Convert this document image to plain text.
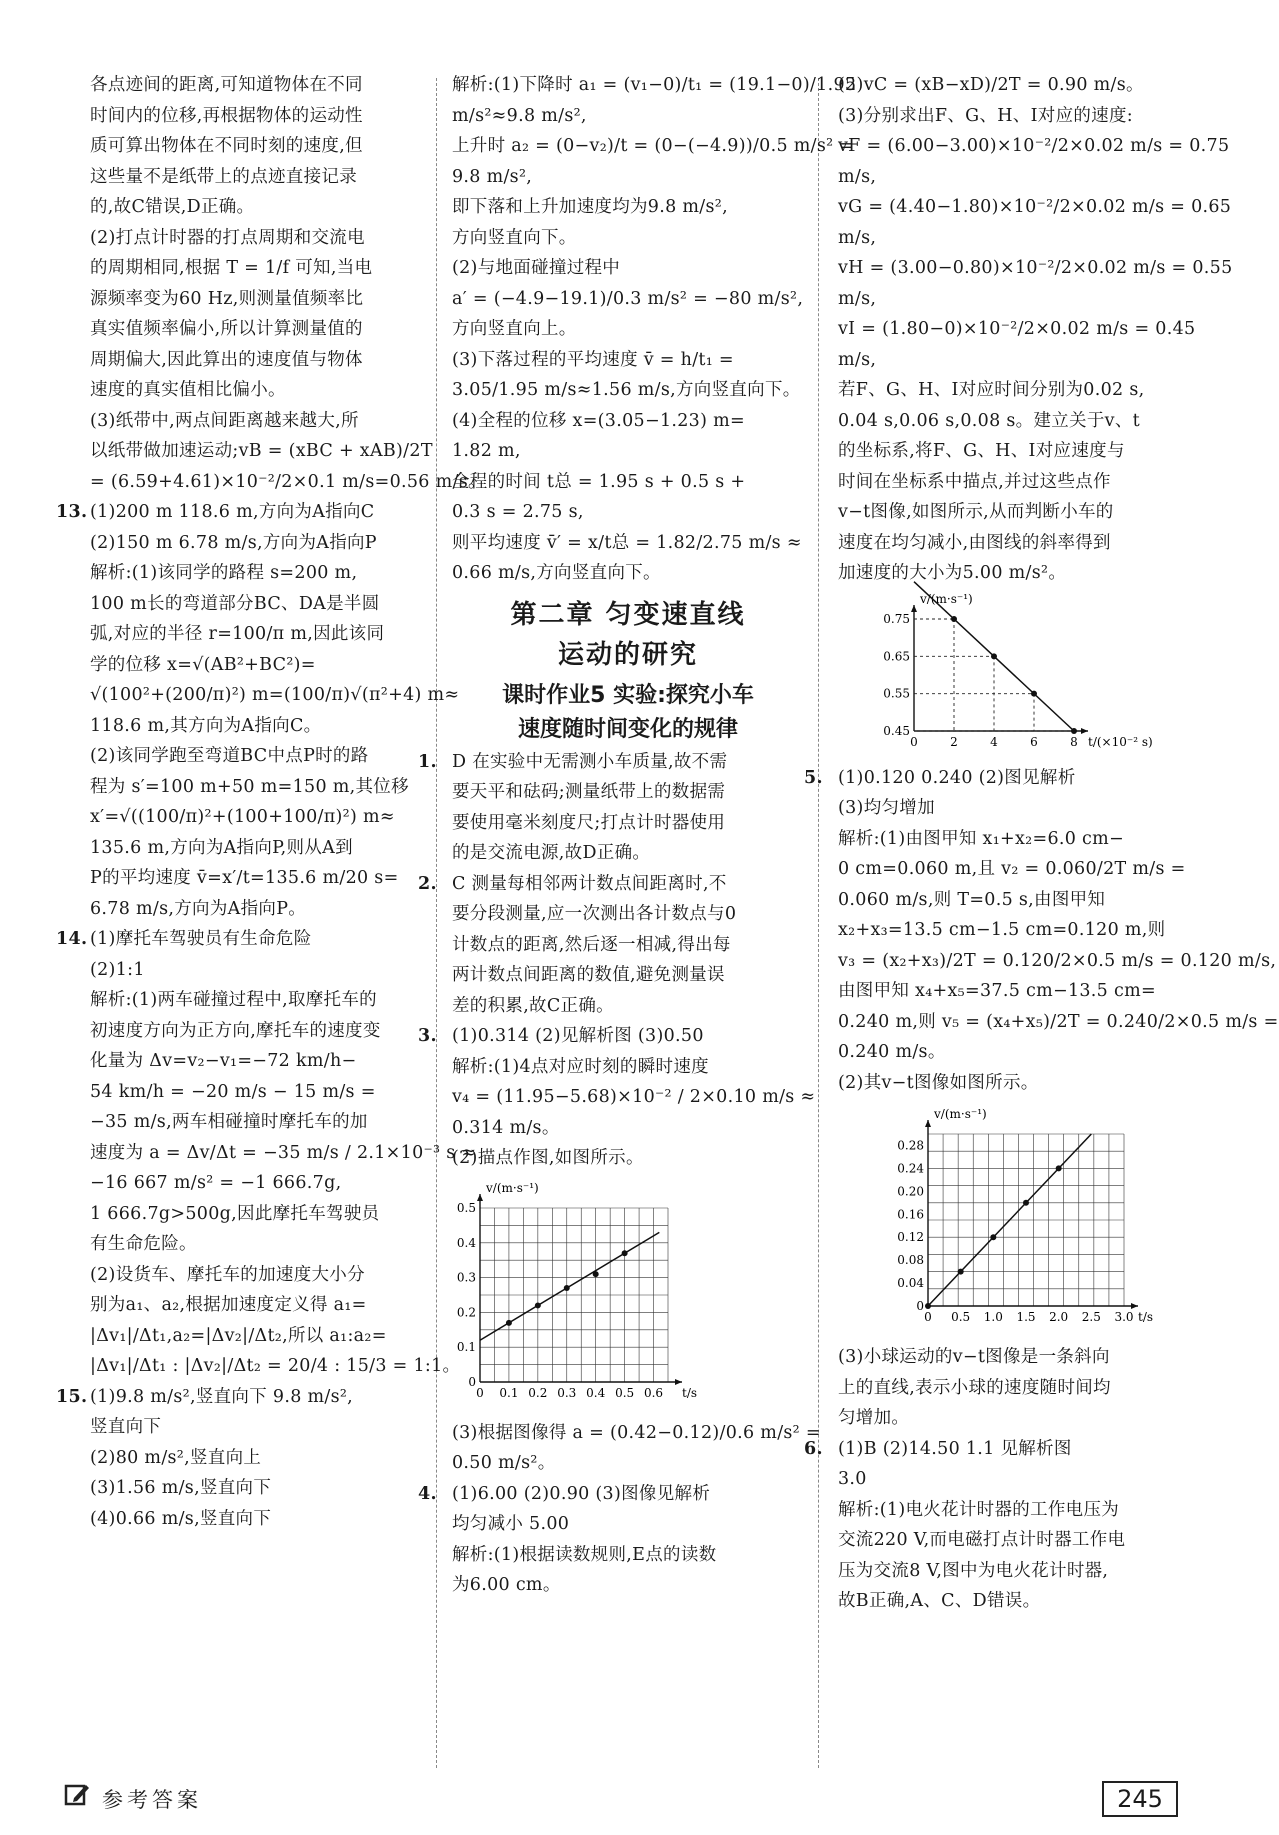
各点迹间的距离,可知道物体在不同
时间内的位移,再根据物体的运动性
质可算出物体在不同时刻的速度,但
这些量不是纸带上的点迹直接记录
的,故C错误,D正确。
(2)打点计时器的打点周期和交流电
的周期相同,根据 T = 1/f 可知,当电
源频率变为60 Hz,则测量值频率比
真实值频率偏小,所以计算测量值的
周期偏大,因此算出的速度值与物体
速度的真实值相比偏小。
(3)纸带中,两点间距离越来越大,所
以纸带做加速运动;vB = (xBC + xAB)/2T
= (6.59+4.61)×10⁻²/2×0.1 m/s=0.56 m/s。
13. (1)200 m 118.6 m,方向为A指向C
(2)150 m 6.78 m/s,方向为A指向P
解析:(1)该同学的路程 s=200 m,
100 m长的弯道部分BC、DA是半圆
弧,对应的半径 r=100/π m,因此该同
学的位移 x=√(AB²+BC²)=
√(100²+(200/π)²) m=(100/π)√(π²+4) m≈
118.6 m,其方向为A指向C。
(2)该同学跑至弯道BC中点P时的路
程为 s′=100 m+50 m=150 m,其位移
x′=√((100/π)²+(100+100/π)²) m≈
135.6 m,方向为A指向P,则从A到
P的平均速度 v̄=x′/t=135.6 m/20 s=
6.78 m/s,方向为A指向P。
14. (1)摩托车驾驶员有生命危险
(2)1:1
解析:(1)两车碰撞过程中,取摩托车的
初速度方向为正方向,摩托车的速度变
化量为 Δv=v₂−v₁=−72 km/h−
54 km/h = −20 m/s − 15 m/s =
−35 m/s,两车相碰撞时摩托车的加
速度为 a = Δv/Δt = −35 m/s / 2.1×10⁻³ s ≈
−16 667 m/s² = −1 666.7g,
1 666.7g>500g,因此摩托车驾驶员
有生命危险。
(2)设货车、摩托车的加速度大小分
别为a₁、a₂,根据加速度定义得 a₁=
|Δv₁|/Δt₁,a₂=|Δv₂|/Δt₂,所以 a₁:a₂=
|Δv₁|/Δt₁ : |Δv₂|/Δt₂ = 20/4 : 15/3 = 1:1。
15. (1)9.8 m/s²,竖直向下 9.8 m/s²,
竖直向下
(2)80 m/s²,竖直向上
(3)1.56 m/s,竖直向下
(4)0.66 m/s,竖直向下
解析:(1)下降时 a₁ = (v₁−0)/t₁ = (19.1−0)/1.95
m/s²≈9.8 m/s²,
上升时 a₂ = (0−v₂)/t = (0−(−4.9))/0.5 m/s² =
9.8 m/s²,
即下落和上升加速度均为9.8 m/s²,
方向竖直向下。
(2)与地面碰撞过程中
a′ = (−4.9−19.1)/0.3 m/s² = −80 m/s²,
方向竖直向上。
(3)下落过程的平均速度 v̄ = h/t₁ =
3.05/1.95 m/s≈1.56 m/s,方向竖直向下。
(4)全程的位移 x=(3.05−1.23) m=
1.82 m,
全程的时间 t总 = 1.95 s + 0.5 s +
0.3 s = 2.75 s,
则平均速度 v̄′ = x/t总 = 1.82/2.75 m/s ≈
0.66 m/s,方向竖直向下。
第二章 匀变速直线
运动的研究
课时作业5 实验:探究小车
速度随时间变化的规律
1. D 在实验中无需测小车质量,故不需
要天平和砝码;测量纸带上的数据需
要使用毫米刻度尺;打点计时器使用
的是交流电源,故D正确。
2. C 测量每相邻两计数点间距离时,不
要分段测量,应一次测出各计数点与0
计数点的距离,然后逐一相减,得出每
两计数点间距离的数值,避免测量误
差的积累,故C正确。
3. (1)0.314 (2)见解析图 (3)0.50
解析:(1)4点对应时刻的瞬时速度
v₄ = (11.95−5.68)×10⁻² / 2×0.10 m/s ≈
0.314 m/s。
(2)描点作图,如图所示。
0 0.1 0.2 0.3 0.4 0.5 0.6
0
0.1
0.2
0.3
0.4
0.5
v/(m·s⁻¹)
t/s
(3)根据图像得 a = (0.42−0.12)/0.6 m/s² =
0.50 m/s²。
4. (1)6.00 (2)0.90 (3)图像见解析
均匀减小 5.00
解析:(1)根据读数规则,E点的读数
为6.00 cm。
(2)vC = (xB−xD)/2T = 0.90 m/s。
(3)分别求出F、G、H、I对应的速度:
vF = (6.00−3.00)×10⁻²/2×0.02 m/s = 0.75
m/s,
vG = (4.40−1.80)×10⁻²/2×0.02 m/s = 0.65
m/s,
vH = (3.00−0.80)×10⁻²/2×0.02 m/s = 0.55
m/s,
vI = (1.80−0)×10⁻²/2×0.02 m/s = 0.45
m/s,
若F、G、H、I对应时间分别为0.02 s,
0.04 s,0.06 s,0.08 s。建立关于v、t
的坐标系,将F、G、H、I对应速度与
时间在坐标系中描点,并过这些点作
v−t图像,如图所示,从而判断小车的
速度在均匀减小,由图线的斜率得到
加速度的大小为5.00 m/s²。
0	2	4	6	8
0.45
0.55
0.65
0.75
v/(m·s⁻¹)
t/(×10⁻² s)
5. (1)0.120 0.240 (2)图见解析
(3)均匀增加
解析:(1)由图甲知 x₁+x₂=6.0 cm−
0 cm=0.060 m,且 v₂ = 0.060/2T m/s =
0.060 m/s,则 T=0.5 s,由图甲知
x₂+x₃=13.5 cm−1.5 cm=0.120 m,则
v₃ = (x₂+x₃)/2T = 0.120/2×0.5 m/s = 0.120 m/s,
由图甲知 x₄+x₅=37.5 cm−13.5 cm=
0.240 m,则 v₅ = (x₄+x₅)/2T = 0.240/2×0.5 m/s =
0.240 m/s。
(2)其v−t图像如图所示。
0 0.5 1.0 1.5 2.0 2.5 3.0
0
0.04
0.08
0.12
0.16
0.20
0.24
0.28
v/(m·s⁻¹)
t/s
(3)小球运动的v−t图像是一条斜向
上的直线,表示小球的速度随时间均
匀增加。
6. (1)B (2)14.50 1.1 见解析图
3.0
解析:(1)电火花计时器的工作电压为
交流220 V,而电磁打点计时器工作电
压为交流8 V,图中为电火花计时器,
故B正确,A、C、D错误。
参考答案	245
